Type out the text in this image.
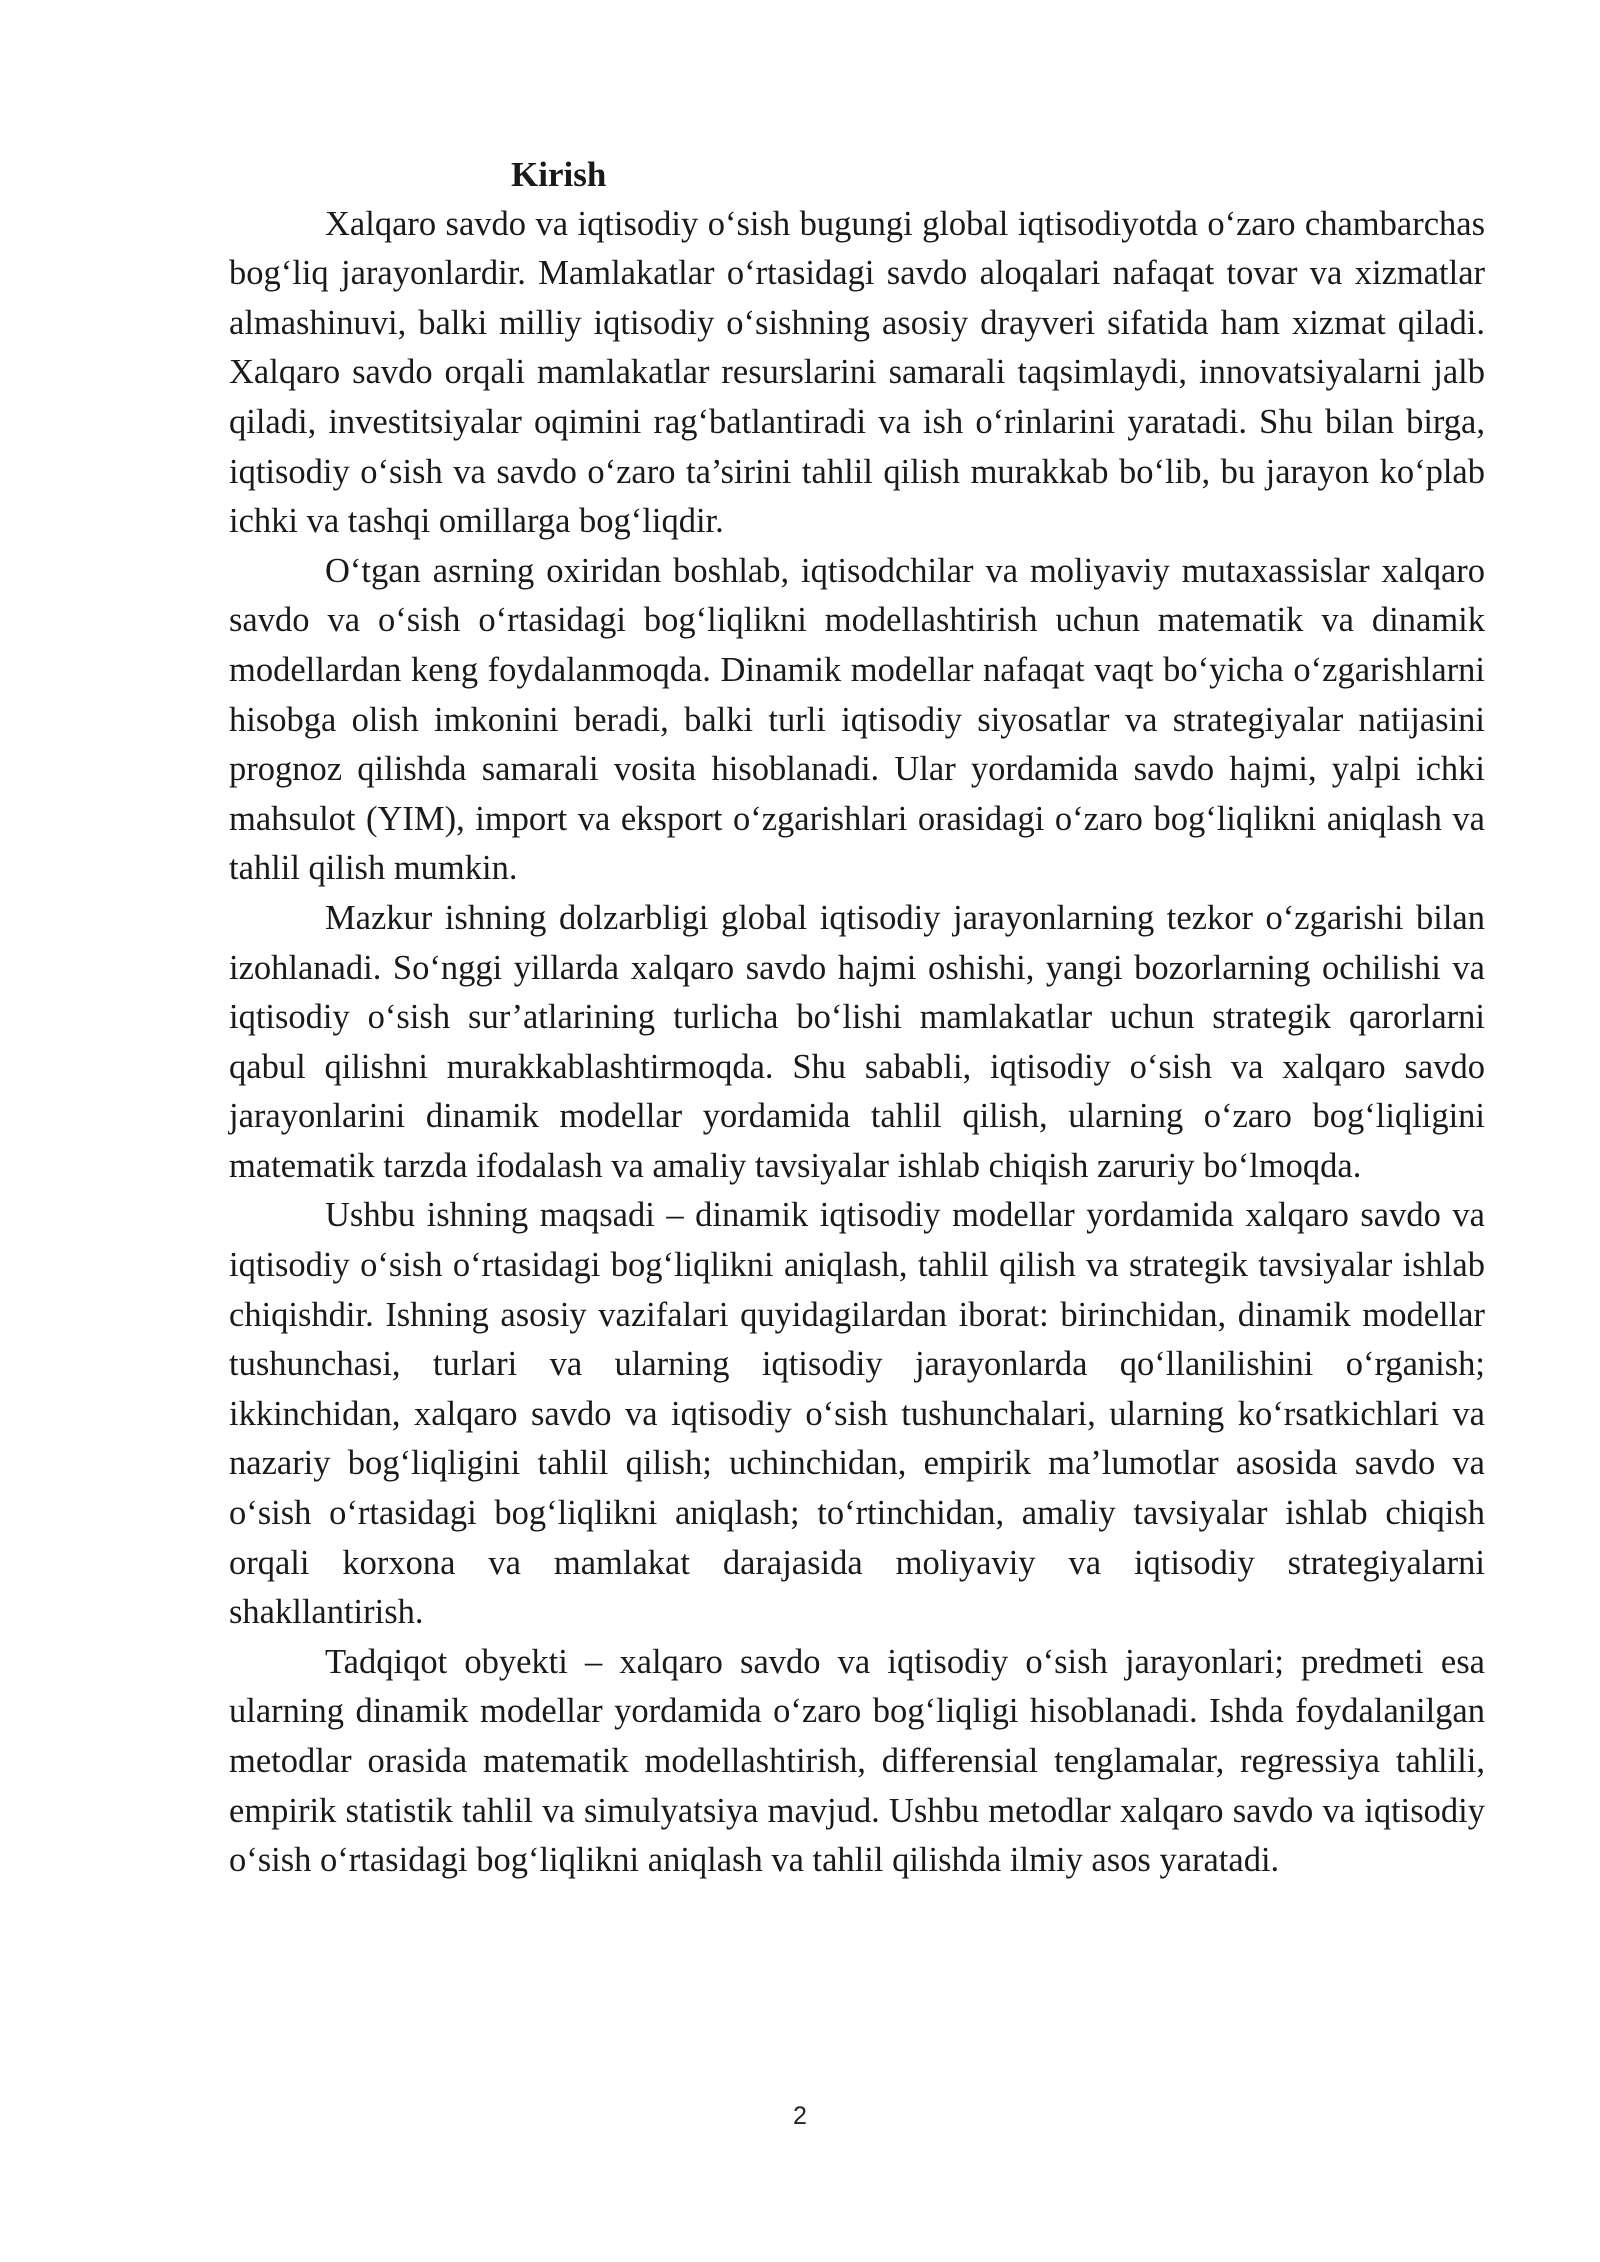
Kirish

Xalqaro savdo va iqtisodiy o‘sish bugungi global iqtisodiyotda o‘zaro chambarchas bog‘liq jarayonlardir. Mamlakatlar o‘rtasidagi savdo aloqalari nafaqat tovar va xizmatlar almashinuvi, balki milliy iqtisodiy o‘sishning asosiy drayveri sifatida ham xizmat qiladi. Xalqaro savdo orqali mamlakatlar resurslarini samarali taqsimlaydi, innovatsiyalarni jalb qiladi, investitsiyalar oqimini rag‘batlantiradi va ish o‘rinlarini yaratadi. Shu bilan birga, iqtisodiy o‘sish va savdo o‘zaro ta’sirini tahlil qilish murakkab bo‘lib, bu jarayon ko‘plab ichki va tashqi omillarga bog‘liqdir.

O‘tgan asrning oxiridan boshlab, iqtisodchilar va moliyaviy mutaxassislar xalqaro savdo va o‘sish o‘rtasidagi bog‘liqlikni modellashtirish uchun matematik va dinamik modellardan keng foydalanmoqda. Dinamik modellar nafaqat vaqt bo‘yicha o‘zgarishlarni hisobga olish imkonini beradi, balki turli iqtisodiy siyosatlar va strategiyalar natijasini prognoz qilishda samarali vosita hisoblanadi. Ular yordamida savdo hajmi, yalpi ichki mahsulot (YIM), import va eksport o‘zgarishlari orasidagi o‘zaro bog‘liqlikni aniqlash va tahlil qilish mumkin.

Mazkur ishning dolzarbligi global iqtisodiy jarayonlarning tezkor o‘zgarishi bilan izohlanadi. So‘nggi yillarda xalqaro savdo hajmi oshishi, yangi bozorlarning ochilishi va iqtisodiy o‘sish sur’atlarining turlicha bo‘lishi mamlakatlar uchun strategik qarorlarni qabul qilishni murakkablashtirmoqda. Shu sababli, iqtisodiy o‘sish va xalqaro savdo jarayonlarini dinamik modellar yordamida tahlil qilish, ularning o‘zaro bog‘liqligini matematik tarzda ifodalash va amaliy tavsiyalar ishlab chiqish zaruriy bo‘lmoqda.

Ushbu ishning maqsadi – dinamik iqtisodiy modellar yordamida xalqaro savdo va iqtisodiy o‘sish o‘rtasidagi bog‘liqlikni aniqlash, tahlil qilish va strategik tavsiyalar ishlab chiqishdir. Ishning asosiy vazifalari quyidagilardan iborat: birinchidan, dinamik modellar tushunchasi, turlari va ularning iqtisodiy jarayonlarda qo‘llanilishini o‘rganish; ikkinchidan, xalqaro savdo va iqtisodiy o‘sish tushunchalari, ularning ko‘rsatkichlari va nazariy bog‘liqligini tahlil qilish; uchinchidan, empirik ma’lumotlar asosida savdo va o‘sish o‘rtasidagi bog‘liqlikni aniqlash; to‘rtinchidan, amaliy tavsiyalar ishlab chiqish orqali korxona va mamlakat darajasida moliyaviy va iqtisodiy strategiyalarni shakllantirish.

Tadqiqot obyekti – xalqaro savdo va iqtisodiy o‘sish jarayonlari; predmeti esa ularning dinamik modellar yordamida o‘zaro bog‘liqligi hisoblanadi. Ishda foydalanilgan metodlar orasida matematik modellashtirish, differensial tenglamalar, regressiya tahlili, empirik statistik tahlil va simulyatsiya mavjud. Ushbu metodlar xalqaro savdo va iqtisodiy o‘sish o‘rtasidagi bog‘liqlikni aniqlash va tahlil qilishda ilmiy asos yaratadi.

2
